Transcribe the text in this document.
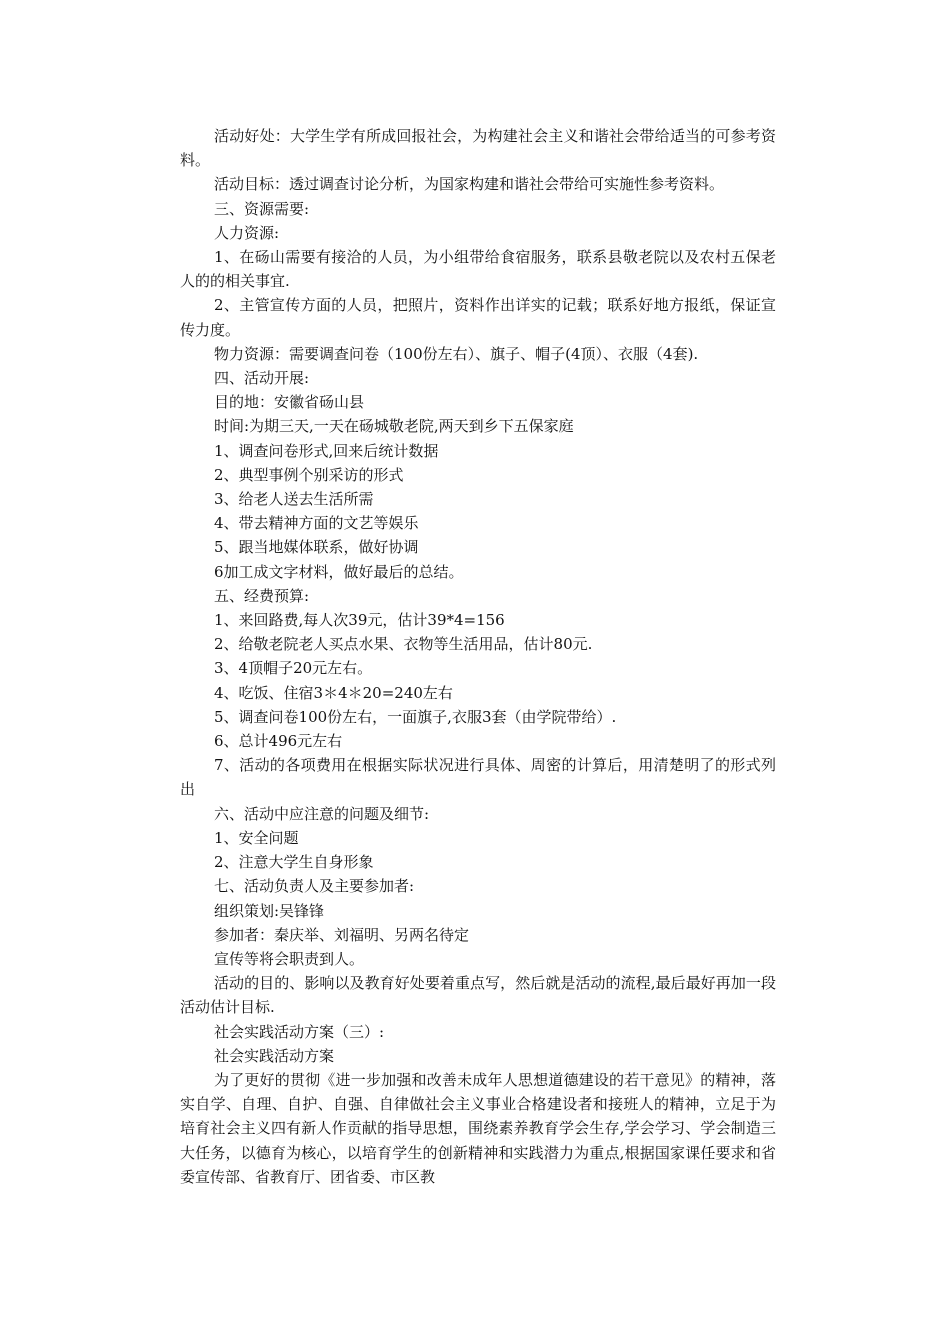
活动好处：大学生学有所成回报社会，为构建社会主义和谐社会带给适当的可参考资料。

活动目标：透过调查讨论分析，为国家构建和谐社会带给可实施性参考资料。

三、资源需要:

人力资源:

1、在砀山需要有接洽的人员，为小组带给食宿服务，联系县敬老院以及农村五保老人的的相关事宜.

2、主管宣传方面的人员，把照片，资料作出详实的记载；联系好地方报纸，保证宣传力度。

物力资源：需要调查问卷（100份左右）、旗子、帽子(4顶）、衣服（4套).

四、活动开展:

目的地：安徽省砀山县

时间:为期三天,一天在砀城敬老院,两天到乡下五保家庭

1、调查问卷形式,回来后统计数据

2、典型事例个别采访的形式

3、给老人送去生活所需

4、带去精神方面的文艺等娱乐

5、跟当地媒体联系，做好协调

6加工成文字材料，做好最后的总结。

五、经费预算:

1、来回路费,每人次39元，估计39*4=156

2、给敬老院老人买点水果、衣物等生活用品，估计80元.

3、4顶帽子20元左右。

4、吃饭、住宿3＊4＊20=240左右

5、调查问卷100份左右，一面旗子,衣服3套（由学院带给）.

6、总计496元左右

7、活动的各项费用在根据实际状况进行具体、周密的计算后，用清楚明了的形式列出

六、活动中应注意的问题及细节:

1、安全问题

2、注意大学生自身形象

七、活动负责人及主要参加者:

组织策划:吴锋锋

参加者：秦庆举、刘福明、另两名待定

宣传等将会职责到人。

活动的目的、影响以及教育好处要着重点写，然后就是活动的流程,最后最好再加一段活动估计目标.

社会实践活动方案（三）:

社会实践活动方案

为了更好的贯彻《进一步加强和改善未成年人思想道德建设的若干意见》的精神，落实自学、自理、自护、自强、自律做社会主义事业合格建设者和接班人的精神，立足于为培育社会主义四有新人作贡献的指导思想，围绕素养教育学会生存,学会学习、学会制造三大任务，以德育为核心，以培育学生的创新精神和实践潜力为重点,根据国家课任要求和省委宣传部、省教育厅、团省委、市区教
